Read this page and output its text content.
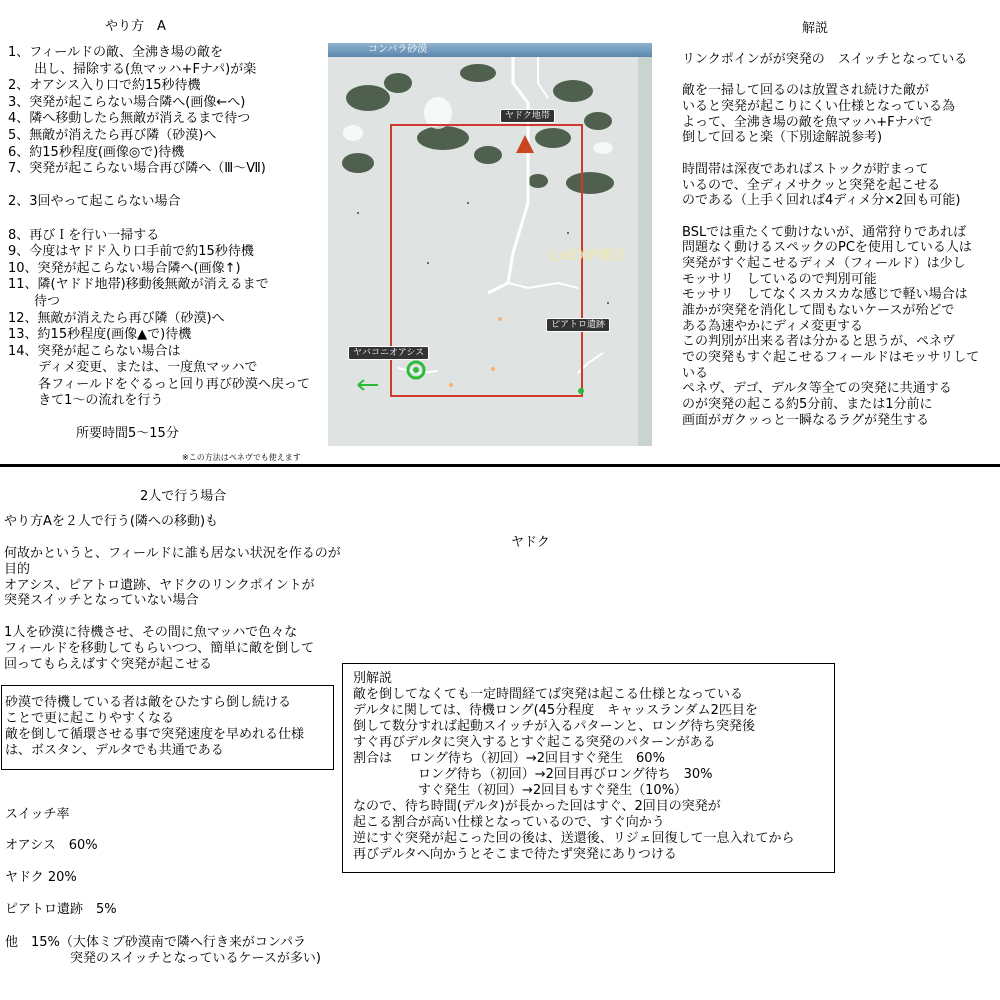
やり方　A
1、フィールドの敵、全沸き場の敵を
　　出し、掃除する(魚マッハ+Fナパ)が楽
2、オアシス入り口で約15秒待機
3、突発が起こらない場合隣へ(画像←へ)
4、隣へ移動したら無敵が消えるまで待つ
5、無敵が消えたら再び隣（砂漠)へ
6、約15秒程度(画像◎で)待機
7、突発が起こらない場合再び隣へ（Ⅲ～Ⅶ)
2、3回やって起こらない場合
8、再びＩを行い一掃する
9、今度はヤドド入り口手前で約15秒待機
10、突発が起こらない場合隣へ(画像↑)
11、隣(ヤドド地帯)移動後無敵が消えるまで
　　待つ
12、無敵が消えたら再び隣（砂漠)へ
13、約15秒程度(画像▲で)待機
14、突発が起こらない場合は
　　 ディメ変更、または、一度魚マッハで
　　 各フィールドをぐるっと回り再び砂漠へ戻って
　　 きて1～の流れを行う
所要時間5～15分
※この方法はペネヴでも使えます
コンバラ砂漠
ヤドク地帯
ピアトロ遺跡
ヤバコニオアシス
LvEXP補正
解説
リンクポインがが突発の　スイッチとなっている
敵を一掃して回るのは放置され続けた敵が
いると突発が起こりにくい仕様となっている為
よって、全沸き場の敵を魚マッハ+Fナパで
倒して回ると楽（下別途解説参考)
時間帯は深夜であればストックが貯まって
いるので、全ディメサクッと突発を起こせる
のである（上手く回れば4ディメ分×2回も可能)
BSLでは重たくて動けないが、通常狩りであれば
問題なく動けるスペックのPCを使用している人は
突発がすぐ起こせるディメ（フィールド）は少し
モッサリ　しているので判別可能
モッサリ　してなくスカスカな感じで軽い場合は
誰かが突発を消化して間もないケースが殆どで
ある為速やかにディメ変更する
この判別が出来る者は分かると思うが、ペネヴ
での突発もすぐ起こせるフィールドはモッサリして
いる
ペネヴ、デゴ、デルタ等全ての突発に共通する
のが突発の起こる約5分前、または1分前に
画面がガクッっと一瞬なるラグが発生する
2人で行う場合
やり方Aを２人で行う(隣への移動)も
何故かというと、フィールドに誰も居ない状況を作るのが
目的
オアシス、ピアトロ遺跡、ヤドクのリンクポイントが
突発スイッチとなっていない場合
1人を砂漠に待機させ、その間に魚マッハで色々な
フィールドを移動してもらいつつ、簡単に敵を倒して
回ってもらえばすぐ突発が起こせる
砂漠で待機している者は敵をひたすら倒し続ける
ことで更に起こりやすくなる
敵を倒して循環させる事で突発速度を早めれる仕様
は、ボスタン、デルタでも共通である
スイッチ率
オアシス　60%
ヤドク 20%
ピアトロ遺跡　5%
他　15%（大体ミブ砂漠南で隣へ行き来がコンパラ
　　　　　突発のスイッチとなっているケースが多い)
ヤドク
別解説
敵を倒してなくても一定時間経てば突発は起こる仕様となっている
デルタに関しては、待機ロング(45分程度　キャッスランダム2匹目を
倒して数分すれば起動スイッチが入るパターンと、ロング待ち突発後
すぐ再びデルタに突入するとすぐ起こる突発のパターンがある
割合は　 ロング待ち（初回）→2回目すぐ発生　60%
　　　　　ロング待ち（初回）→2回目再びロング待ち　30%
　　　　　すぐ発生（初回）→2回目もすぐ発生（10%）
なので、待ち時間(デルタ)が長かった回はすぐ、2回目の突発が
起こる割合が高い仕様となっているので、すぐ向かう
逆にすぐ突発が起こった回の後は、送還後、リジェ回復して一息入れてから
再びデルタへ向かうとそこまで待たず突発にありつける
